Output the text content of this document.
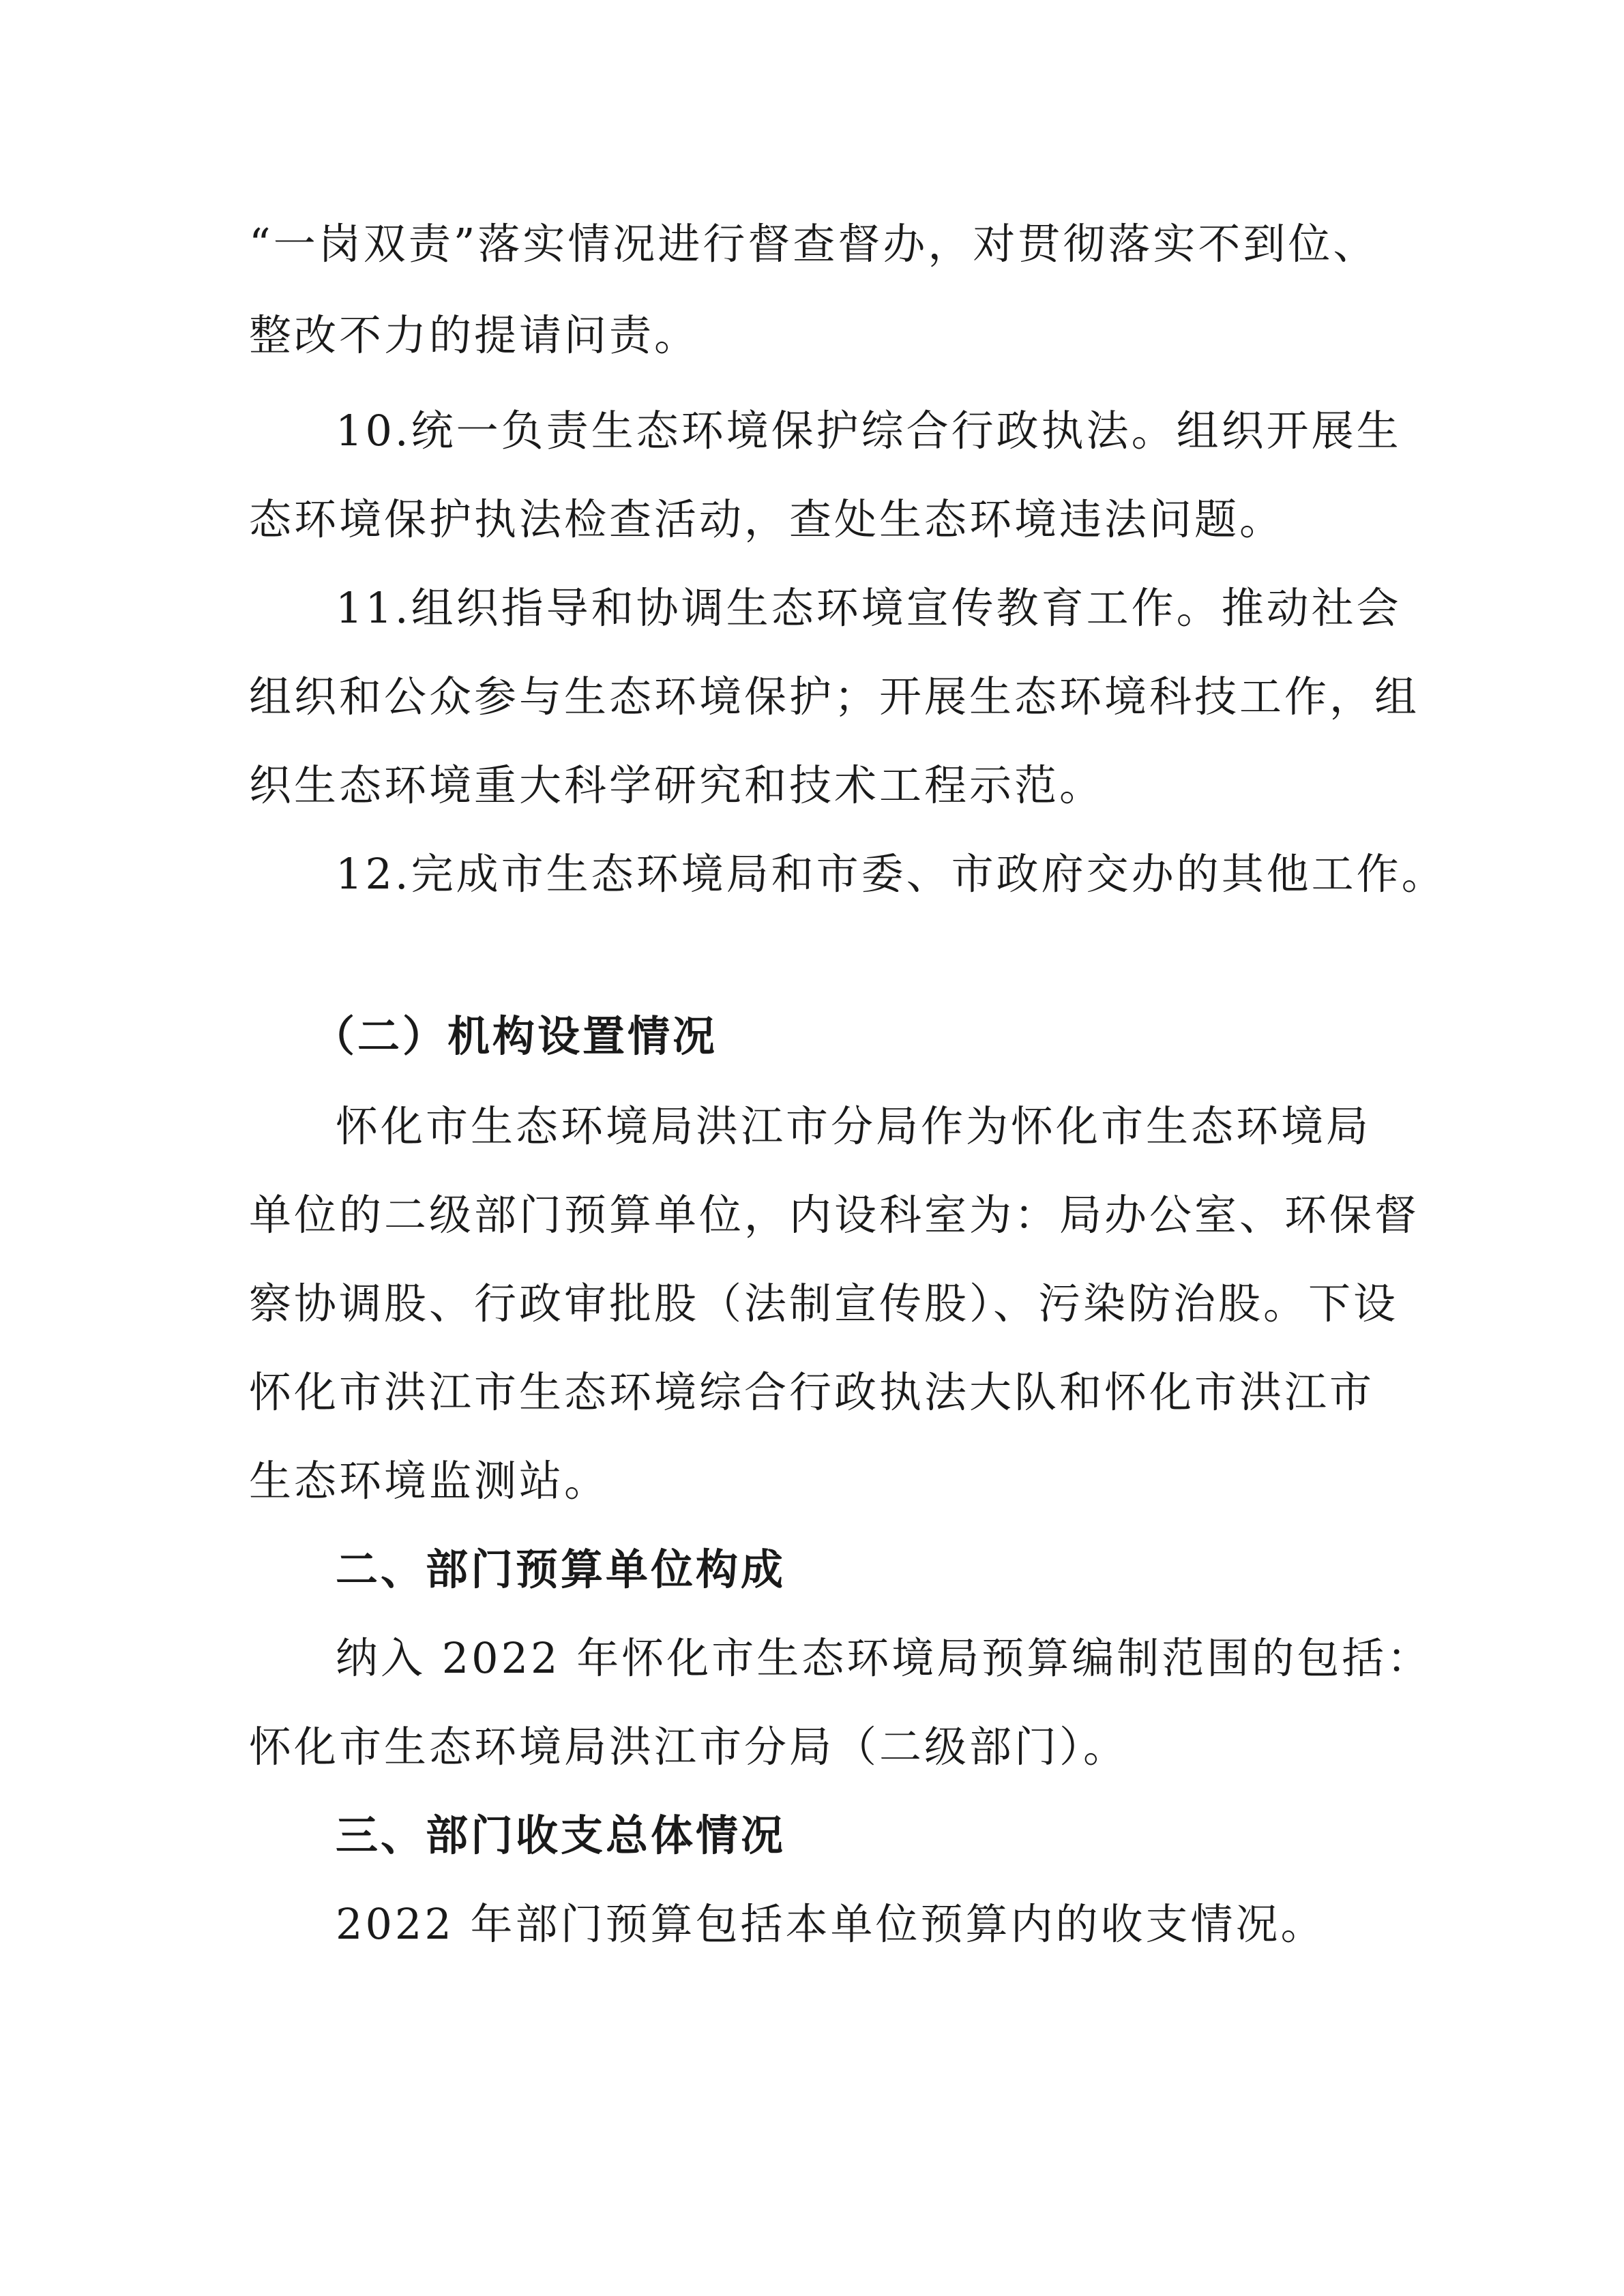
“一岗双责”落实情况进行督查督办，对贯彻落实不到位、
整改不力的提请问责。
10.统一负责生态环境保护综合行政执法。组织开展生
态环境保护执法检查活动，查处生态环境违法问题。
11.组织指导和协调生态环境宣传教育工作。推动社会
组织和公众参与生态环境保护；开展生态环境科技工作，组
织生态环境重大科学研究和技术工程示范。
12.完成市生态环境局和市委、市政府交办的其他工作。
（二）机构设置情况
怀化市生态环境局洪江市分局作为怀化市生态环境局
单位的二级部门预算单位，内设科室为：局办公室、环保督
察协调股、行政审批股（法制宣传股）、污染防治股。下设
怀化市洪江市生态环境综合行政执法大队和怀化市洪江市
生态环境监测站。
二、部门预算单位构成
纳入 2022 年怀化市生态环境局预算编制范围的包括：
怀化市生态环境局洪江市分局（二级部门）。
三、部门收支总体情况
2022 年部门预算包括本单位预算内的收支情况。
